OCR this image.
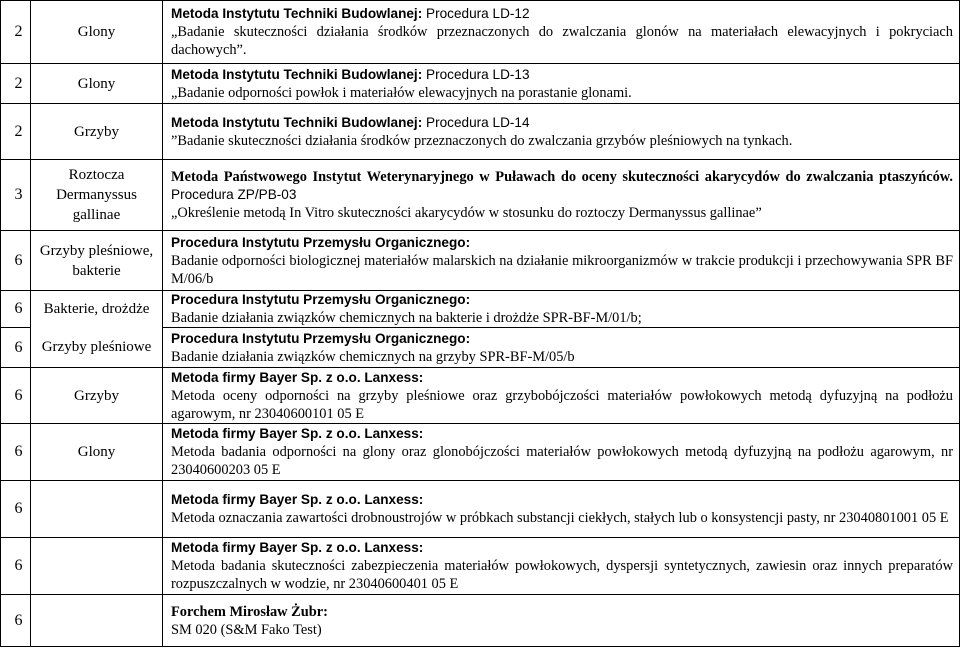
2	Glony	Metoda Instytutu Techniki Budowlanej: Procedura LD-12
„Badanie skuteczności działania środków przeznaczonych do zwalczania glonów na materiałach elewacyjnych i pokryciach dachowych”.

2	Glony	Metoda Instytutu Techniki Budowlanej: Procedura LD-13
„Badanie odporności powłok i materiałów elewacyjnych na porastanie glonami.

2	Grzyby	Metoda Instytutu Techniki Budowlanej: Procedura LD-14
”Badanie skuteczności działania środków przeznaczonych do zwalczania grzybów pleśniowych na tynkach.

3	Roztocza Dermanyssus gallinae	Metoda Państwowego Instytut Weterynaryjnego w Puławach do oceny skuteczności akarycydów do zwalczania ptaszyńców. Procedura ZP/PB-03
„Określenie metodą In Vitro skuteczności akarycydów w stosunku do roztoczy Dermanyssus gallinae”

6	Grzyby pleśniowe, bakterie	Procedura Instytutu Przemysłu Organicznego:
Badanie odporności biologicznej materiałów malarskich na działanie mikroorganizmów w trakcie produkcji i przechowywania SPR BF M/06/b

6	Bakterie, drożdże	Procedura Instytutu Przemysłu Organicznego:
Badanie działania związków chemicznych na bakterie i drożdże SPR-BF-M/01/b;

6	Grzyby pleśniowe	Procedura Instytutu Przemysłu Organicznego:
Badanie działania związków chemicznych na grzyby SPR-BF-M/05/b

6	Grzyby	Metoda firmy Bayer Sp. z o.o. Lanxess:
Metoda oceny odporności na grzyby pleśniowe oraz grzybobójczości materiałów powłokowych metodą dyfuzyjną na podłożu agarowym, nr 23040600101 05 E

6	Glony	Metoda firmy Bayer Sp. z o.o. Lanxess:
Metoda badania odporności na glony oraz glonobójczości materiałów powłokowych metodą dyfuzyjną na podłożu agarowym, nr 23040600203 05 E

6		Metoda firmy Bayer Sp. z o.o. Lanxess:
Metoda oznaczania zawartości drobnoustrojów w próbkach substancji ciekłych, stałych lub o konsystencji pasty, nr 23040801001 05 E

6		Metoda firmy Bayer Sp. z o.o. Lanxess:
Metoda badania skuteczności zabezpieczenia materiałów powłokowych, dyspersji syntetycznych, zawiesin oraz innych preparatów rozpuszczalnych w wodzie, nr 23040600401 05 E

6		Forchem Mirosław Żubr:
SM 020 (S&M Fako Test)
